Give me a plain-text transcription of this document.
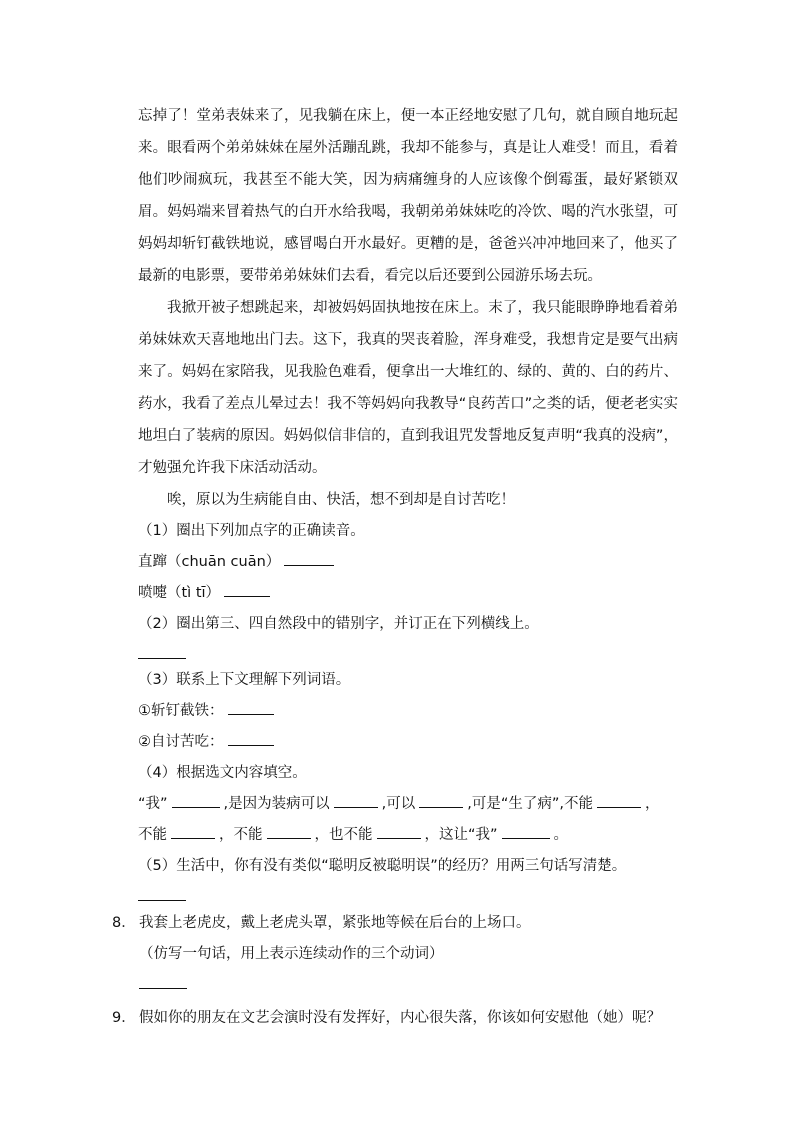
忘掉了！堂弟表妹来了，见我躺在床上，便一本正经地安慰了几句，就自顾自地玩起来。眼看两个弟弟妹妹在屋外活蹦乱跳，我却不能参与，真是让人难受！而且，看着他们吵闹疯玩，我甚至不能大笑，因为病痛缠身的人应该像个倒霉蛋，最好紧锁双眉。妈妈端来冒着热气的白开水给我喝，我朝弟弟妹妹吃的冷饮、喝的汽水张望，可妈妈却斩钉截铁地说，感冒喝白开水最好。更糟的是，爸爸兴冲冲地回来了，他买了最新的电影票，要带弟弟妹妹们去看，看完以后还要到公园游乐场去玩。

我掀开被子想跳起来，却被妈妈固执地按在床上。末了，我只能眼睁睁地看着弟弟妹妹欢天喜地地出门去。这下，我真的哭丧着脸，浑身难受，我想肯定是要气出病来了。妈妈在家陪我，见我脸色难看，便拿出一大堆红的、绿的、黄的、白的药片、药水，我看了差点儿晕过去！我不等妈妈向我教导“良药苦口”之类的话，便老老实实地坦白了装病的原因。妈妈似信非信的，直到我诅咒发誓地反复声明“我真的没病”，才勉强允许我下床活动活动。

唉，原以为生病能自由、快活，想不到却是自讨苦吃！

（1）圈出下列加点字的正确读音。

直蹿（chuān cuān）

喷嚏（tì tī）

（2）圈出第三、四自然段中的错别字，并订正在下列横线上。

（3）联系上下文理解下列词语。

①斩钉截铁：

②自讨苦吃：

（4）根据选文内容填空。

“我”	,是因为装病可以	,可以	,可是“生了病”,不能	，

不能	，不能	，也不能	，这让“我”	。

（5）生活中，你有没有类似“聪明反被聪明误”的经历？用两三句话写清楚。

8． 我套上老虎皮，戴上老虎头罩，紧张地等候在后台的上场口。

（仿写一句话，用上表示连续动作的三个动词）

9． 假如你的朋友在文艺会演时没有发挥好，内心很失落，你该如何安慰他（她）呢？
